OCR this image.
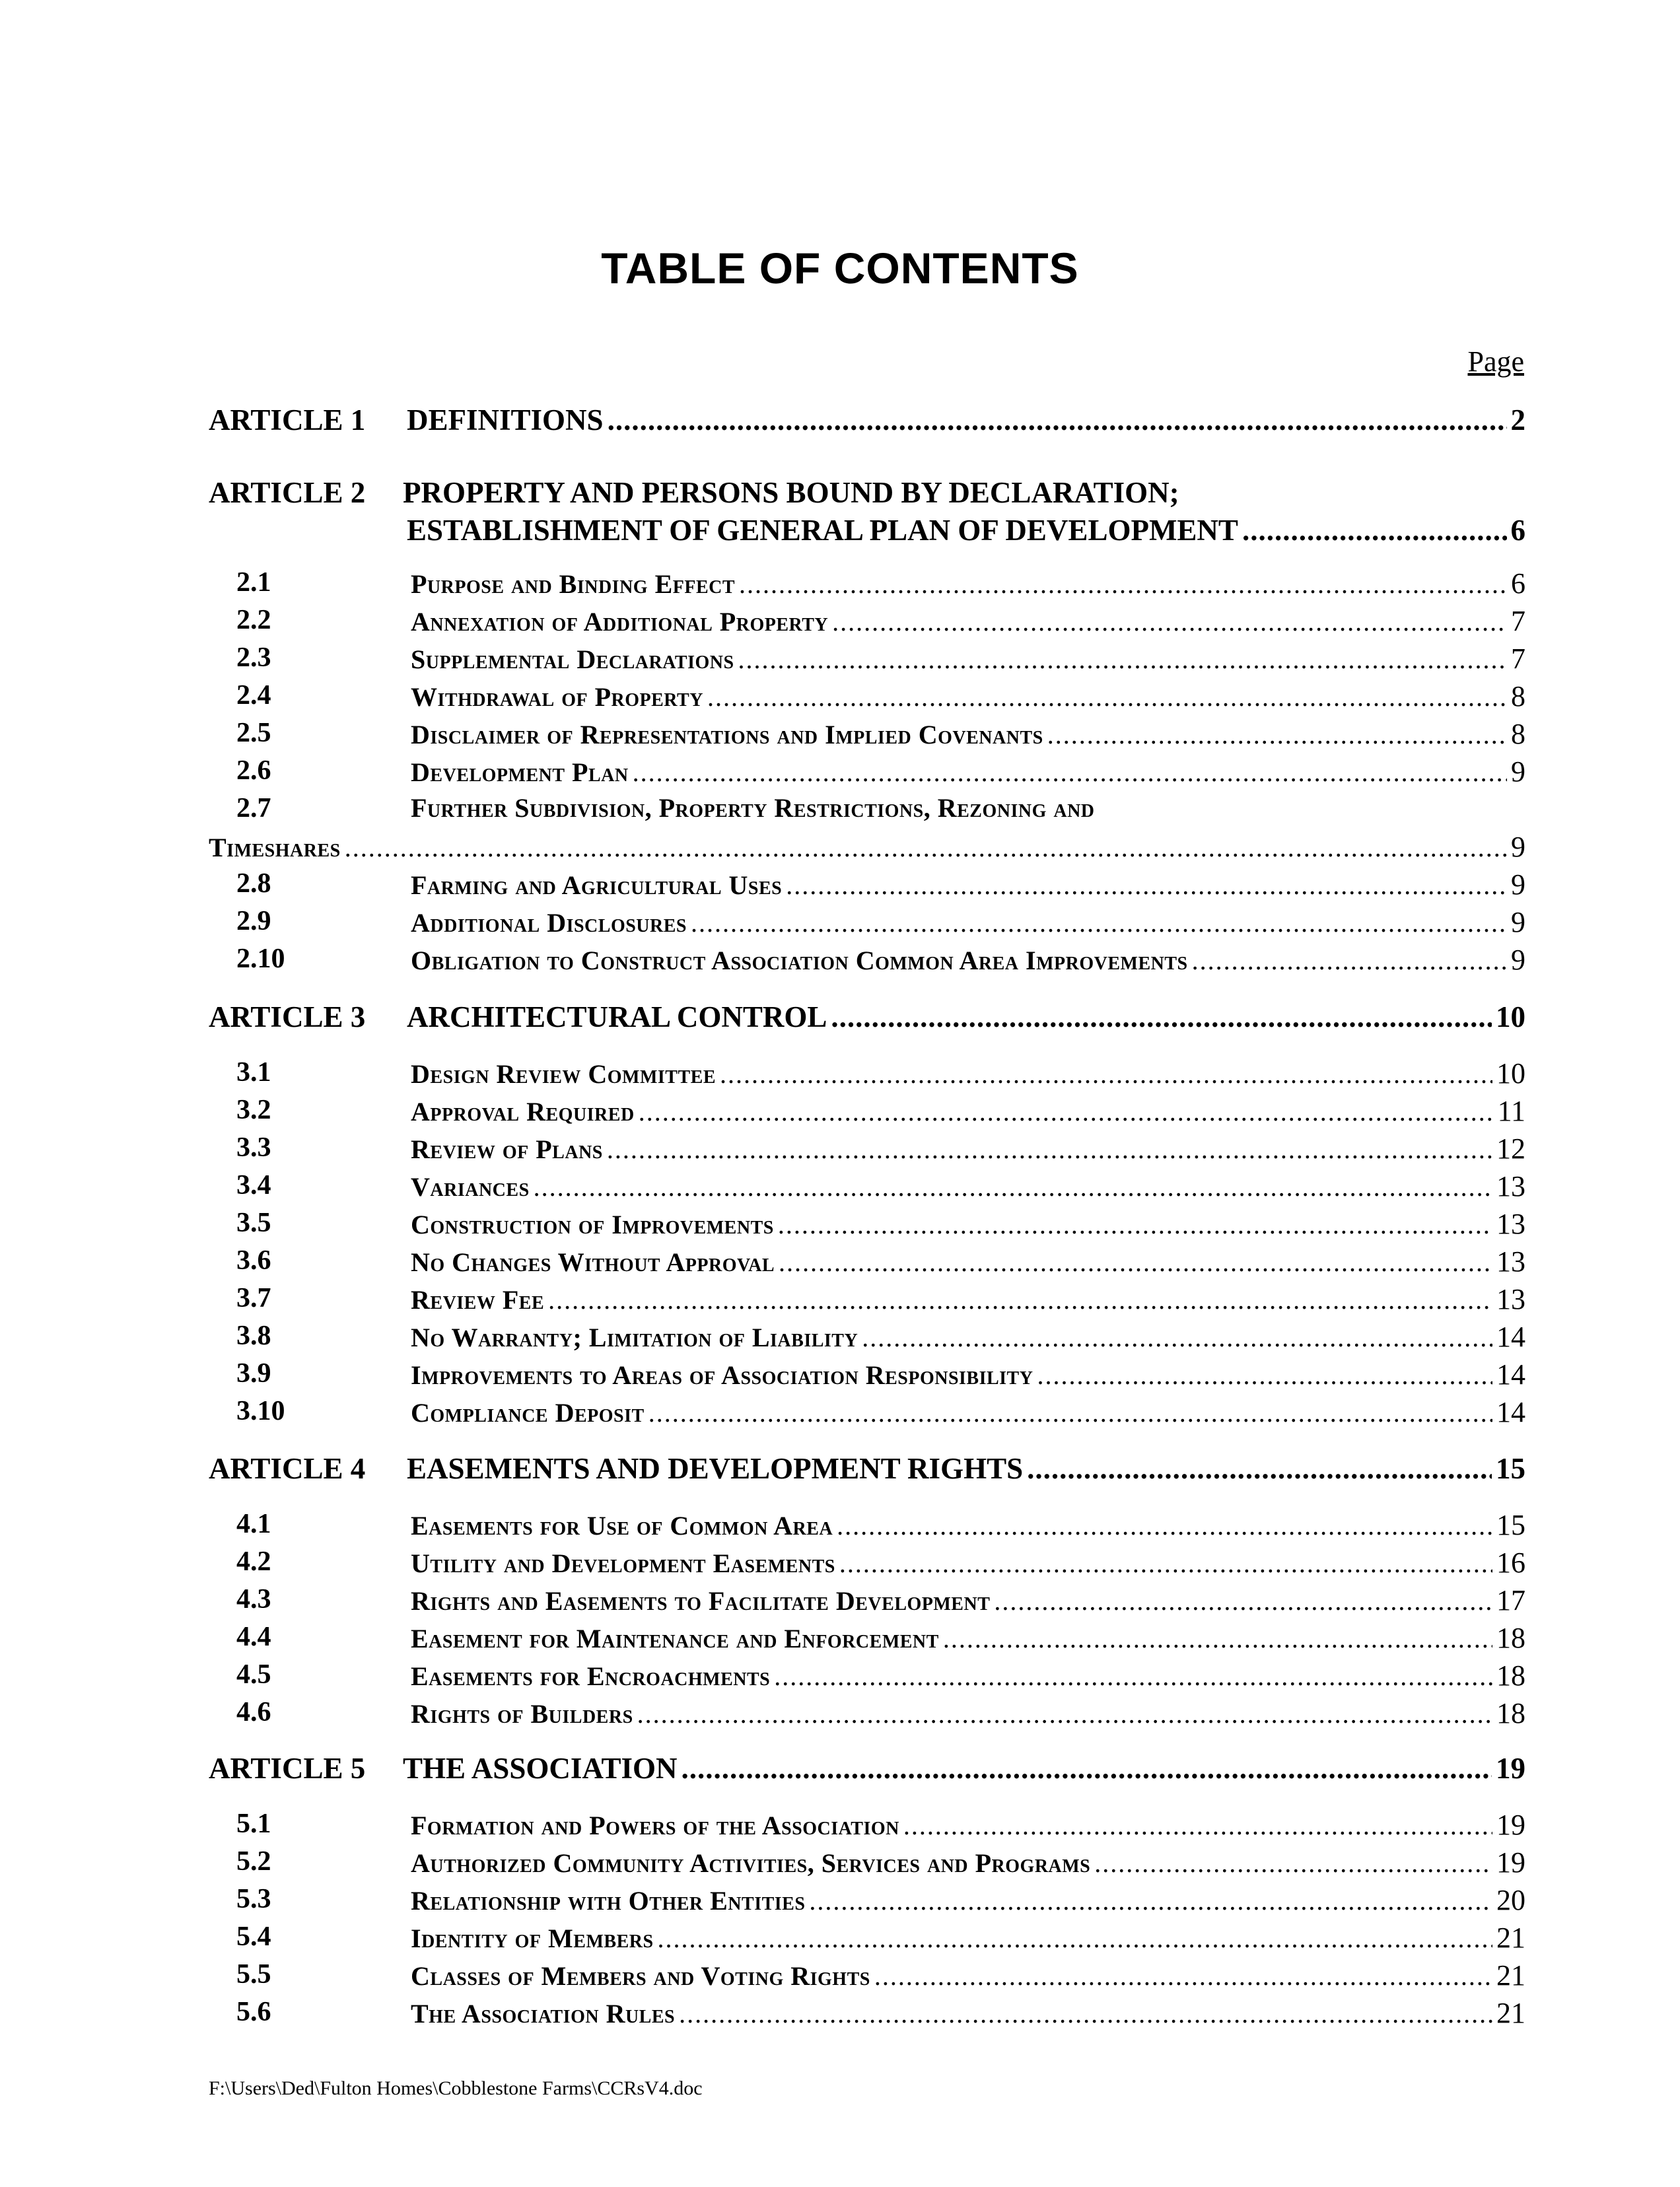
TABLE OF CONTENTS
Page
ARTICLE 1 DEFINITIONS .....	2
ARTICLE 2 PROPERTY AND PERSONS BOUND BY DECLARATION;
ESTABLISHMENT OF GENERAL PLAN OF DEVELOPMENT .....	6
2.1	Purpose and Binding Effect .....	6
2.2	Annexation of Additional Property .....	7
2.3	Supplemental Declarations .....	7
2.4	Withdrawal of Property .....	8
2.5	Disclaimer of Representations and Implied Covenants .....	8
2.6	Development Plan .....	9
2.7	Further Subdivision, Property Restrictions, Rezoning and
Timeshares .....	9
2.8	Farming and Agricultural Uses .....	9
2.9	Additional Disclosures .....	9
2.10	Obligation to Construct Association Common Area Improvements .....	9
ARTICLE 3 ARCHITECTURAL CONTROL .....	10
3.1	Design Review Committee .....	10
3.2	Approval Required .....	11
3.3	Review of Plans .....	12
3.4	Variances .....	13
3.5	Construction of Improvements .....	13
3.6	No Changes Without Approval .....	13
3.7	Review Fee .....	13
3.8	No Warranty; Limitation of Liability .....	14
3.9	Improvements to Areas of Association Responsibility .....	14
3.10	Compliance Deposit .....	14
ARTICLE 4 EASEMENTS AND DEVELOPMENT RIGHTS .....	15
4.1	Easements for Use of Common Area .....	15
4.2	Utility and Development Easements .....	16
4.3	Rights and Easements to Facilitate Development .....	17
4.4	Easement for Maintenance and Enforcement .....	18
4.5	Easements for Encroachments .....	18
4.6	Rights of Builders .....	18
ARTICLE 5 THE ASSOCIATION .....	19
5.1	Formation and Powers of the Association .....	19
5.2	Authorized Community Activities, Services and Programs .....	19
5.3	Relationship with Other Entities .....	20
5.4	Identity of Members .....	21
5.5	Classes of Members and Voting Rights .....	21
5.6	The Association Rules .....	21
F:\Users\Ded\Fulton Homes\Cobblestone Farms\CCRsV4.doc
